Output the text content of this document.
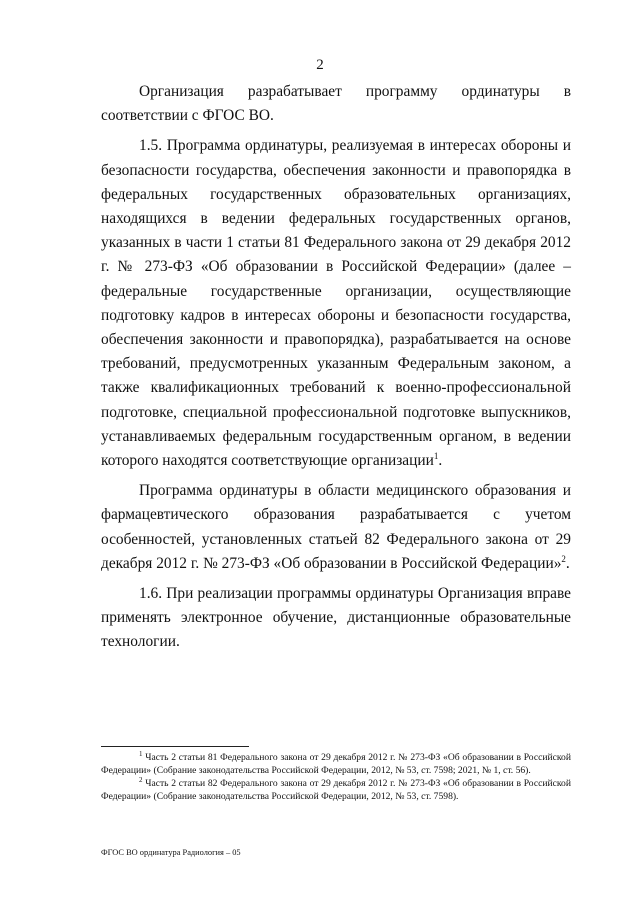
2

Организация разрабатывает программу ординатуры в соответствии с ФГОС ВО.

1.5. Программа ординатуры, реализуемая в интересах обороны и безопасности государства, обеспечения законности и правопорядка в федеральных государственных образовательных организациях, находящихся в ведении федеральных государственных органов, указанных в части 1 статьи 81 Федерального закона от 29 декабря 2012 г. № 273-ФЗ «Об образовании в Российской Федерации» (далее – федеральные государственные организации, осуществляющие подготовку кадров в интересах обороны и безопасности государства, обеспечения законности и правопорядка), разрабатывается на основе требований, предусмотренных указанным Федеральным законом, а также квалификационных требований к военно-профессиональной подготовке, специальной профессиональной подготовке выпускников, устанавливаемых федеральным государственным органом, в ведении которого находятся соответствующие организации$^1$.

Программа ординатуры в области медицинского образования и фармацевтического образования разрабатывается с учетом особенностей, установленных статьей 82 Федерального закона от 29 декабря 2012 г. № 273-ФЗ «Об образовании в Российской Федерации»$^2$.

1.6. При реализации программы ординатуры Организация вправе применять электронное обучение, дистанционные образовательные технологии.

$^1$ Часть 2 статьи 81 Федерального закона от 29 декабря 2012 г. № 273-ФЗ «Об образовании в Российской Федерации» (Собрание законодательства Российской Федерации, 2012, № 53, ст. 7598; 2021, № 1, ст. 56).

$^2$ Часть 2 статьи 82 Федерального закона от 29 декабря 2012 г. № 273-ФЗ «Об образовании в Российской Федерации» (Собрание законодательства Российской Федерации, 2012, № 53, ст. 7598).

ФГОС ВО ординатура Радиология – 05
